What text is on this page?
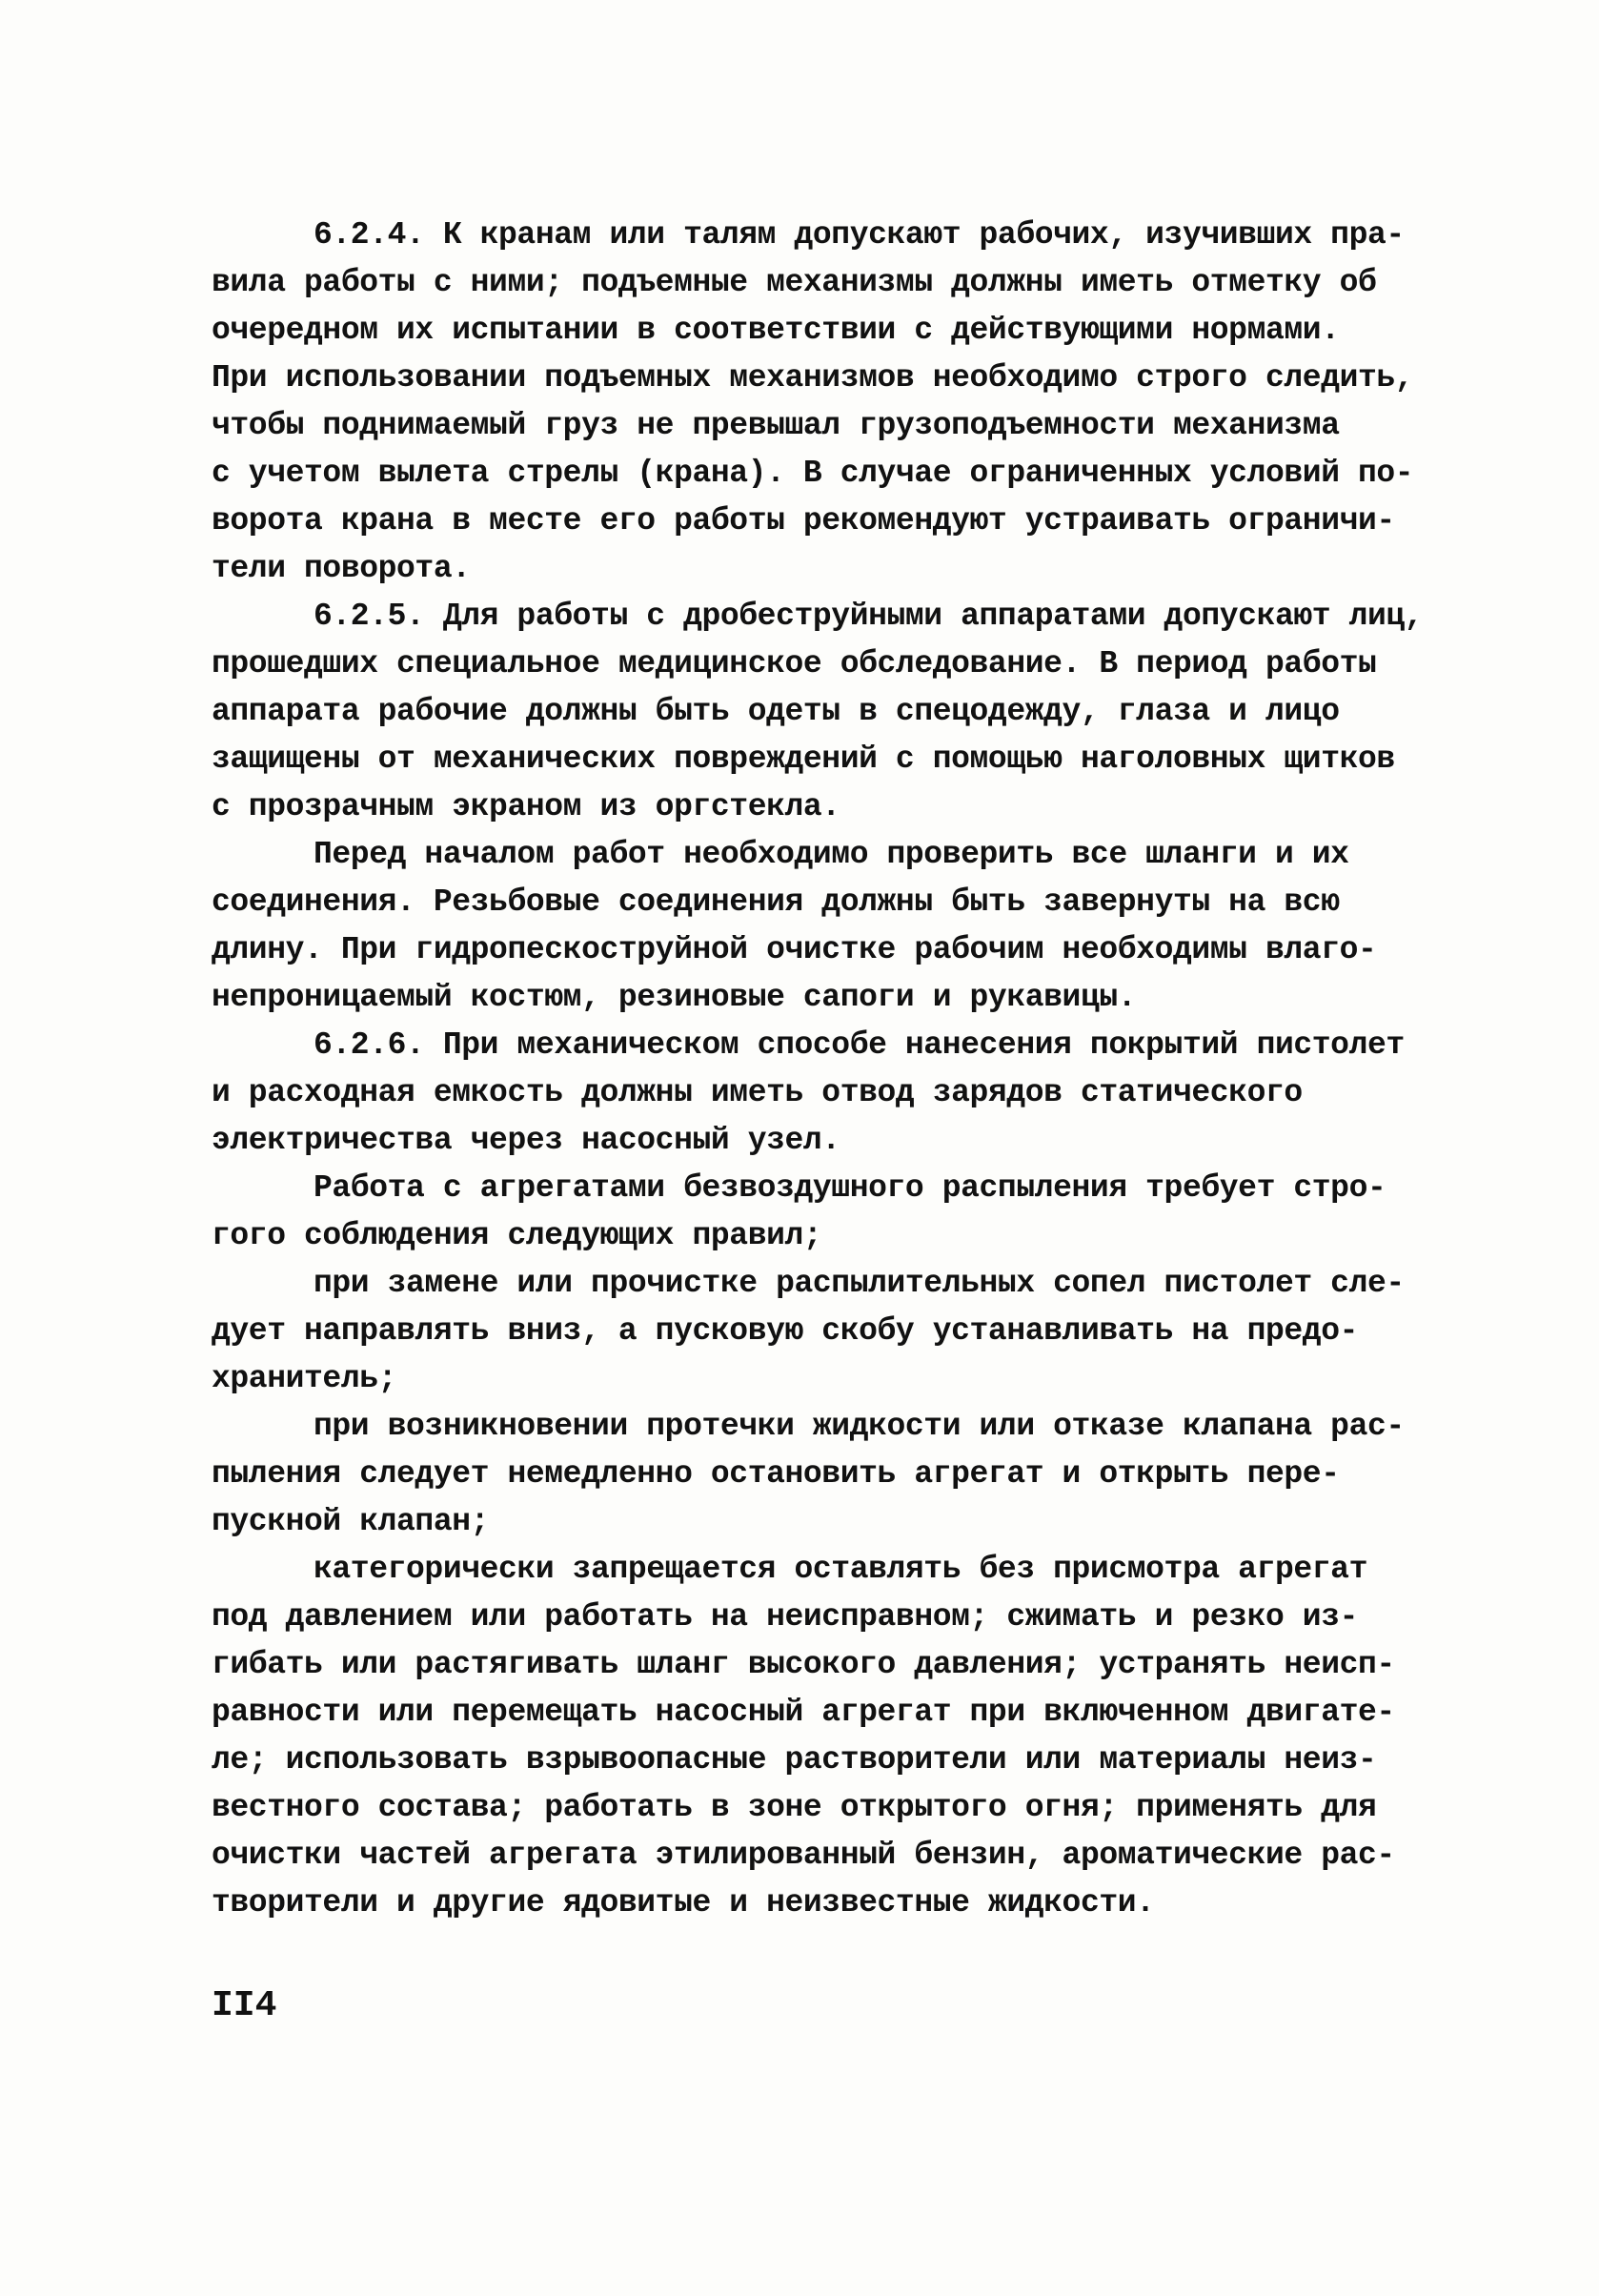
6.2.4. К кранам или талям допускают рабочих, изучивших пра-
вила работы с ними; подъемные механизмы должны иметь отметку об
очередном их испытании в соответствии с действующими нормами.
При использовании подъемных механизмов необходимо строго следить,
чтобы поднимаемый груз не превышал грузоподъемности механизма
с учетом вылета стрелы (крана). В случае ограниченных условий по-
ворота крана в месте его работы рекомендуют устраивать ограничи-
тели поворота.
6.2.5. Для работы с дробеструйными аппаратами допускают лиц,
прошедших специальное медицинское обследование. В период работы
аппарата рабочие должны быть одеты в спецодежду, глаза и лицо
защищены от механических повреждений с помощью наголовных щитков
с прозрачным экраном из оргстекла.
Перед началом работ необходимо проверить все шланги и их
соединения. Резьбовые соединения должны быть завернуты на всю
длину. При гидропескоструйной очистке рабочим необходимы влаго-
непроницаемый костюм, резиновые сапоги и рукавицы.
6.2.6. При механическом способе нанесения покрытий пистолет
и расходная емкость должны иметь отвод зарядов статического
электричества через насосный узел.
Работа с агрегатами безвоздушного распыления требует стро-
гого соблюдения следующих правил;
при замене или прочистке распылительных сопел пистолет сле-
дует направлять вниз, а пусковую скобу устанавливать на предо-
хранитель;
при возникновении протечки жидкости или отказе клапана рас-
пыления следует немедленно остановить агрегат и открыть пере-
пускной клапан;
категорически запрещается оставлять без присмотра агрегат
под давлением или работать на неисправном; сжимать и резко из-
гибать или растягивать шланг высокого давления; устранять неисп-
равности или перемещать насосный агрегат при включенном двигате-
ле; использовать взрывоопасные растворители или материалы неиз-
вестного состава; работать в зоне открытого огня; применять для
очистки частей агрегата этилированный бензин, ароматические рас-
творители и другие ядовитые и неизвестные жидкости.
II4
